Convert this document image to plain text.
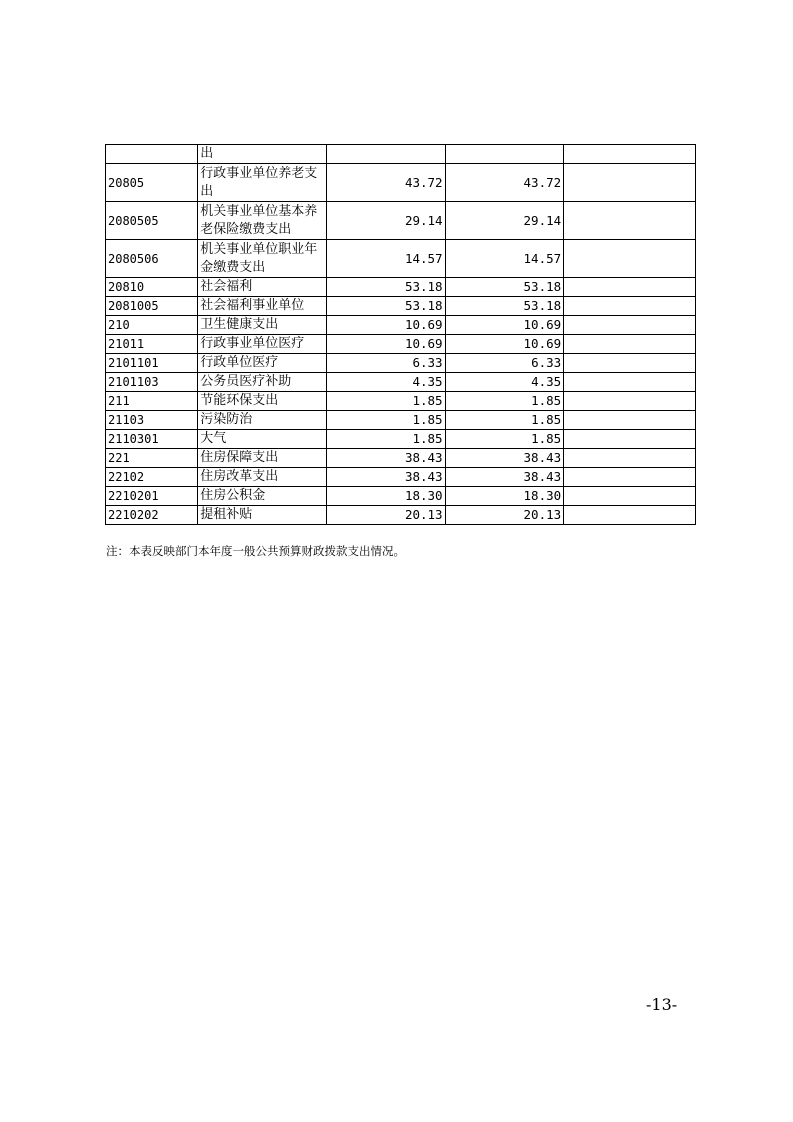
	出			
20805	行政事业单位养老支出	43.72	43.72	
2080505	机关事业单位基本养老保险缴费支出	29.14	29.14	
2080506	机关事业单位职业年金缴费支出	14.57	14.57	
20810	社会福利	53.18	53.18	
2081005	社会福利事业单位	53.18	53.18	
210	卫生健康支出	10.69	10.69	
21011	行政事业单位医疗	10.69	10.69	
2101101	行政单位医疗	6.33	6.33	
2101103	公务员医疗补助	4.35	4.35	
211	节能环保支出	1.85	1.85	
21103	污染防治	1.85	1.85	
2110301	大气	1.85	1.85	
221	住房保障支出	38.43	38.43	
22102	住房改革支出	38.43	38.43	
2210201	住房公积金	18.30	18.30	
2210202	提租补贴	20.13	20.13	
注：本表反映部门本年度一般公共预算财政拨款支出情况。
-13-
